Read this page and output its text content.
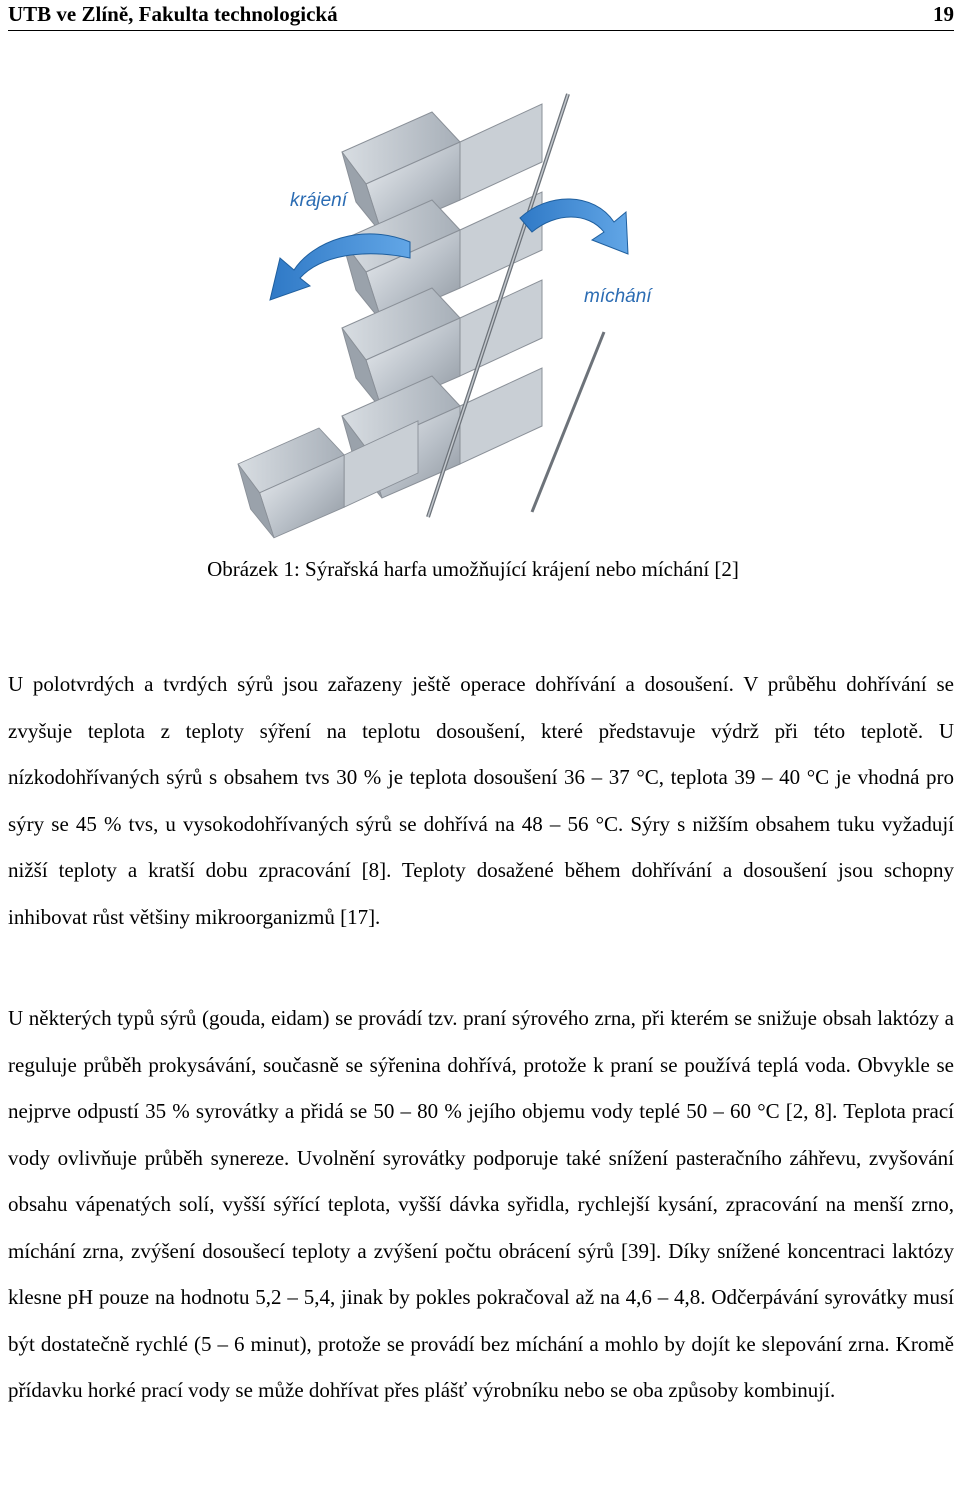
UTB ve Zlíně, Fakulta technologická	19
krájení
míchání
Obrázek 1: Sýrařská harfa umožňující krájení nebo míchání [2]

U polotvrdých a tvrdých sýrů jsou zařazeny ještě operace dohřívání a dosoušení. V průběhu dohřívání se zvyšuje teplota z teploty sýření na teplotu dosoušení, které představuje výdrž při této teplotě. U nízkodohřívaných sýrů s obsahem tvs 30 % je teplota dosoušení 36 – 37 °C, teplota 39 – 40 °C je vhodná pro sýry se 45 % tvs, u vysokodohřívaných sýrů se dohřívá na 48 – 56 °C. Sýry s nižším obsahem tuku vyžadují nižší teploty a kratší dobu zpracování [8]. Teploty dosažené během dohřívání a dosoušení jsou schopny inhibovat růst většiny mikroorganizmů [17].

U některých typů sýrů (gouda, eidam) se provádí tzv. praní sýrového zrna, při kterém se snižuje obsah laktózy a reguluje průběh prokysávání, současně se sýřenina dohřívá, protože k praní se používá teplá voda. Obvykle se nejprve odpustí 35 % syrovátky a přidá se 50 – 80 % jejího objemu vody teplé 50 – 60 °C [2, 8]. Teplota prací vody ovlivňuje průběh synereze. Uvolnění syrovátky podporuje také snížení pasteračního záhřevu, zvyšování obsahu vápenatých solí, vyšší sýřící teplota, vyšší dávka syřidla, rychlejší kysání, zpracování na menší zrno, míchání zrna, zvýšení dosoušecí teploty a zvýšení počtu obrácení sýrů [39]. Díky snížené koncentraci laktózy klesne pH pouze na hodnotu 5,2 – 5,4, jinak by pokles pokračoval až na 4,6 – 4,8. Odčerpávání syrovátky musí být dostatečně rychlé (5 – 6 minut), protože se provádí bez míchání a mohlo by dojít ke slepování zrna. Kromě přídavku horké prací vody se může dohřívat přes plášť výrobníku nebo se oba způsoby kombinují.
